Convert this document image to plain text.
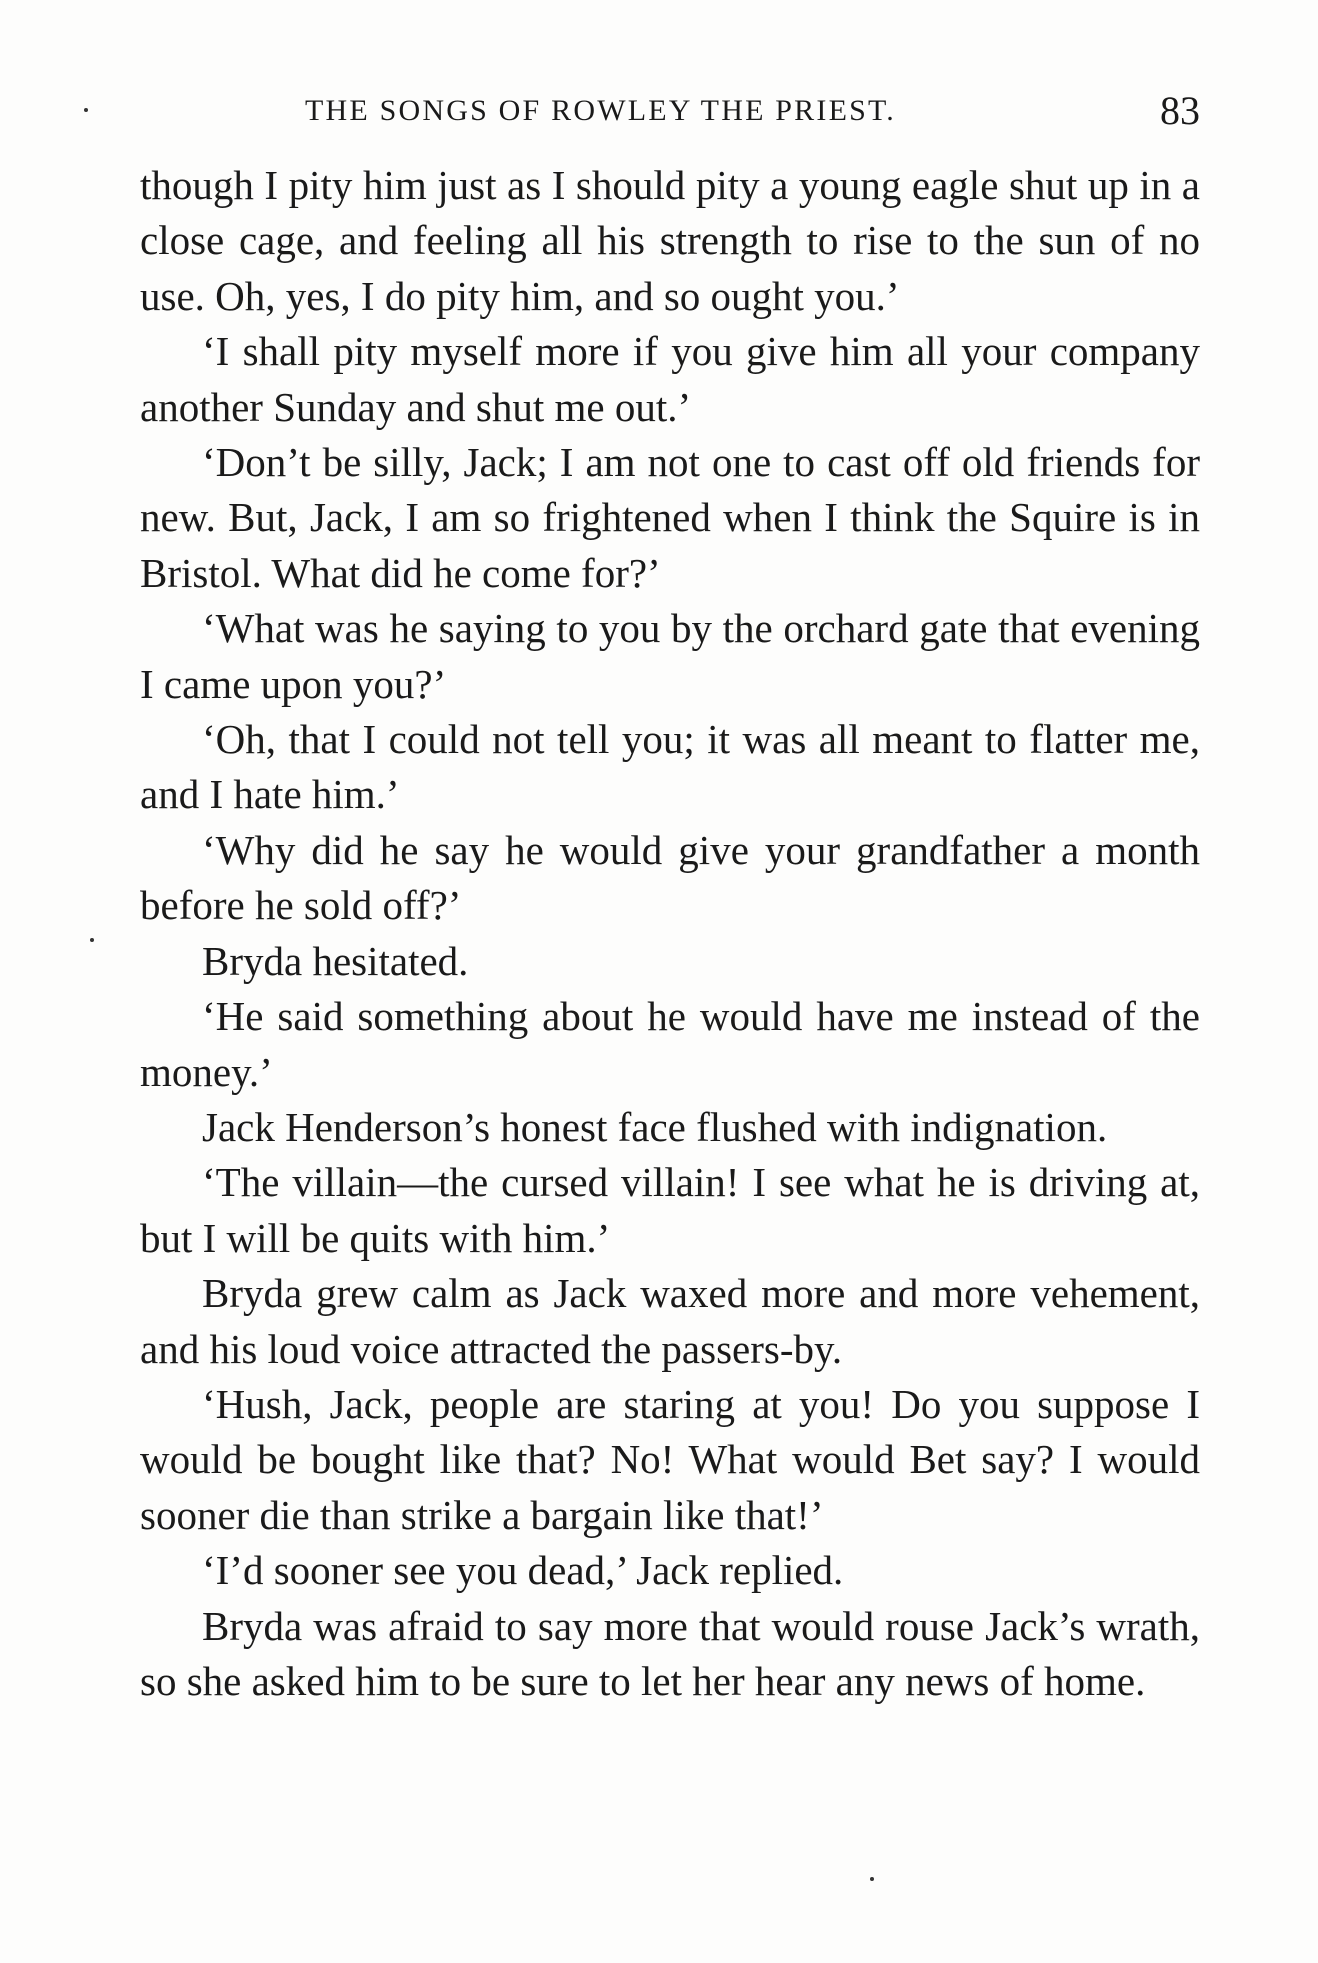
THE SONGS OF ROWLEY THE PRIEST.	83

though I pity him just as I should pity a young eagle shut up in a close cage, and feeling all his strength to rise to the sun of no use. Oh, yes, I do pity him, and so ought you.’

‘I shall pity myself more if you give him all your company another Sunday and shut me out.’

‘Don’t be silly, Jack; I am not one to cast off old friends for new. But, Jack, I am so frightened when I think the Squire is in Bristol. What did he come for?’

‘What was he saying to you by the orchard gate that evening I came upon you?’

‘Oh, that I could not tell you; it was all meant to flatter me, and I hate him.’

‘Why did he say he would give your grandfather a month before he sold off?’

Bryda hesitated.

‘He said something about he would have me instead of the money.’

Jack Henderson’s honest face flushed with indignation.

‘The villain—the cursed villain! I see what he is driving at, but I will be quits with him.’

Bryda grew calm as Jack waxed more and more vehement, and his loud voice attracted the passers-by.

‘Hush, Jack, people are staring at you! Do you suppose I would be bought like that? No! What would Bet say? I would sooner die than strike a bargain like that!’

‘I’d sooner see you dead,’ Jack replied.

Bryda was afraid to say more that would rouse Jack’s wrath, so she asked him to be sure to let her hear any news of home.
